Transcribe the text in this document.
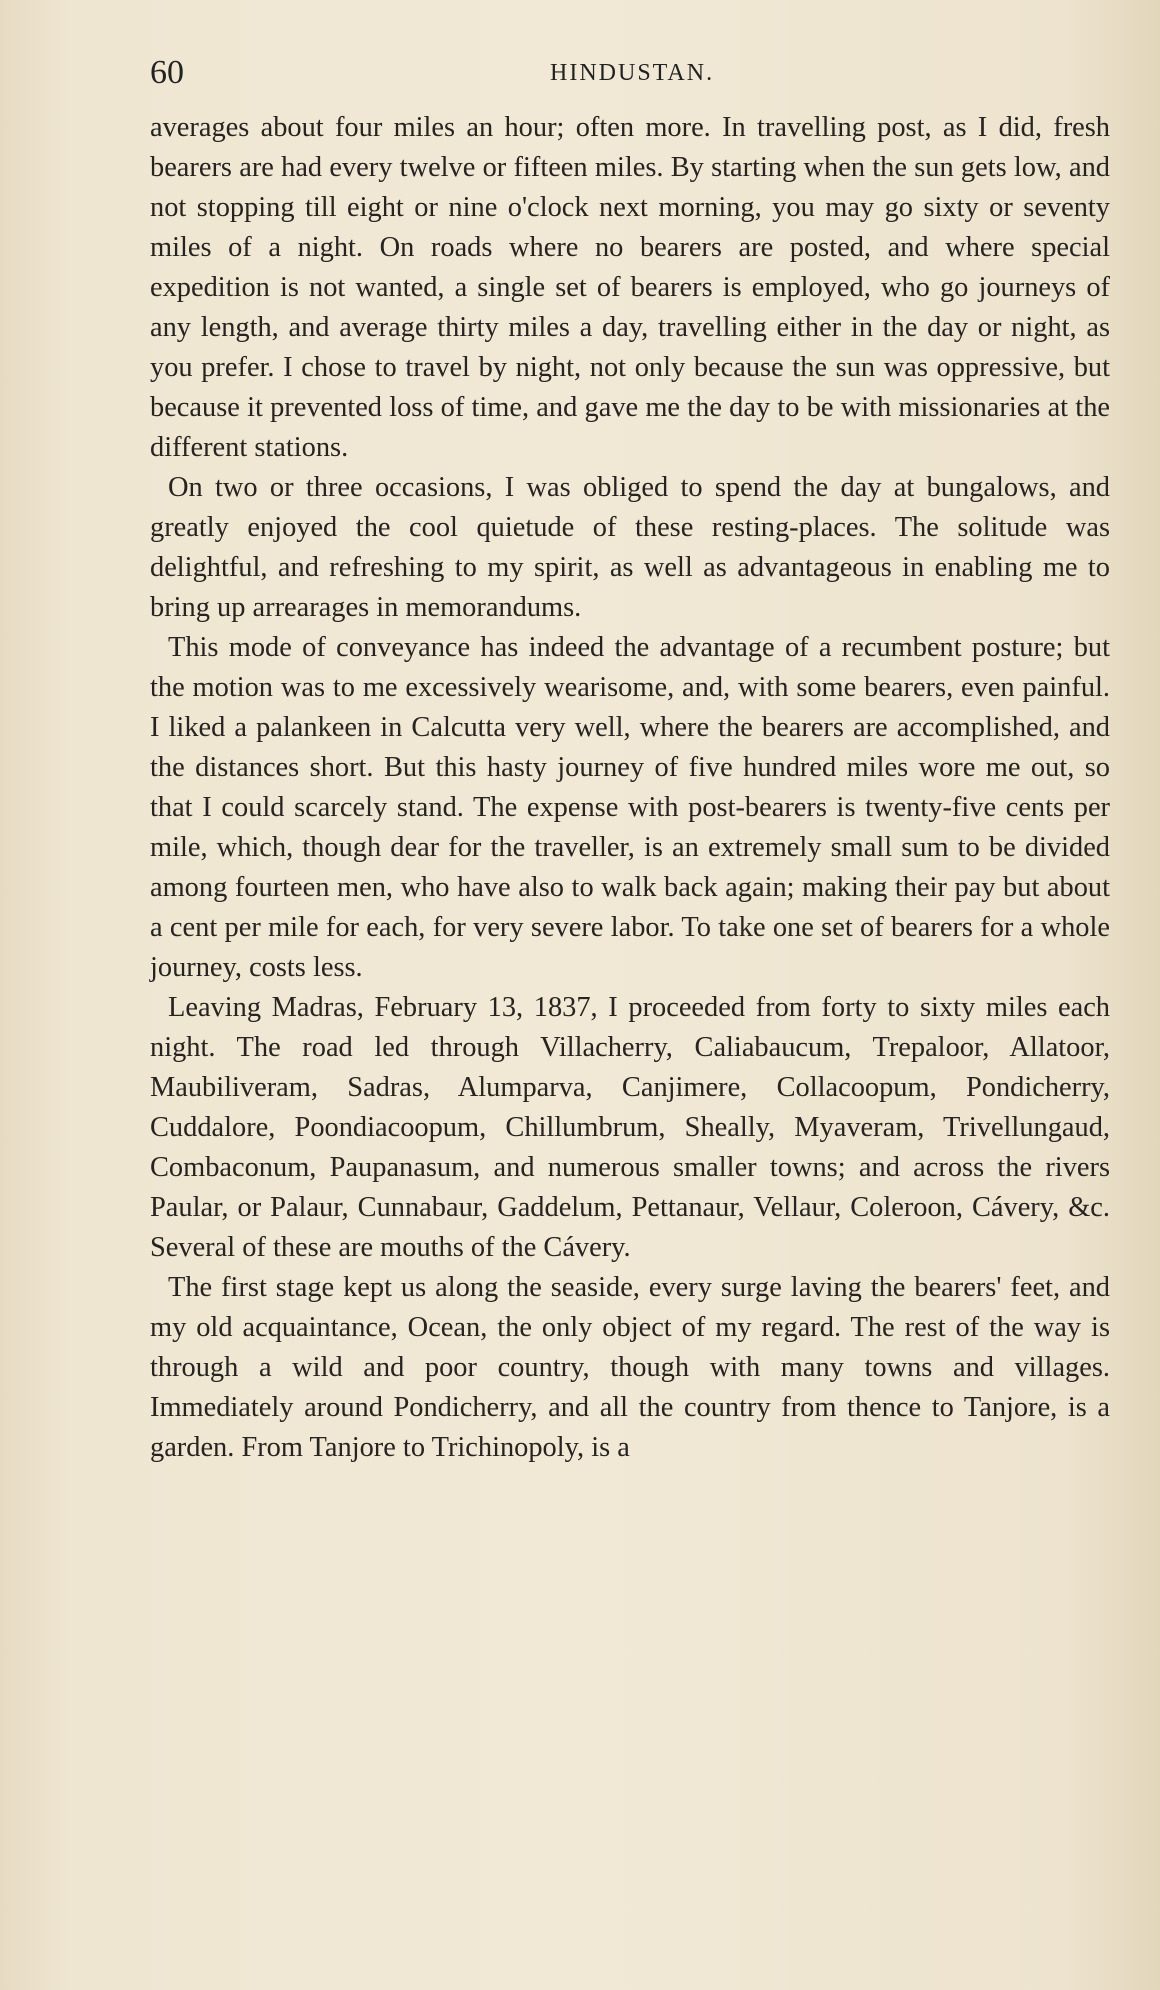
60	HINDUSTAN.

averages about four miles an hour; often more. In travelling post, as I did, fresh bearers are had every twelve or fifteen miles. By starting when the sun gets low, and not stopping till eight or nine o'clock next morning, you may go sixty or seventy miles of a night. On roads where no bearers are posted, and where special expedition is not wanted, a single set of bearers is employed, who go journeys of any length, and average thirty miles a day, travelling either in the day or night, as you prefer. I chose to travel by night, not only because the sun was oppressive, but because it prevented loss of time, and gave me the day to be with missionaries at the different stations.

On two or three occasions, I was obliged to spend the day at bungalows, and greatly enjoyed the cool quietude of these resting-places. The solitude was delightful, and refreshing to my spirit, as well as advantageous in enabling me to bring up arrearages in memorandums.

This mode of conveyance has indeed the advantage of a recumbent posture; but the motion was to me excessively wearisome, and, with some bearers, even painful. I liked a palankeen in Calcutta very well, where the bearers are accomplished, and the distances short. But this hasty journey of five hundred miles wore me out, so that I could scarcely stand. The expense with post-bearers is twenty-five cents per mile, which, though dear for the traveller, is an extremely small sum to be divided among fourteen men, who have also to walk back again; making their pay but about a cent per mile for each, for very severe labor. To take one set of bearers for a whole journey, costs less.

Leaving Madras, February 13, 1837, I proceeded from forty to sixty miles each night. The road led through Villacherry, Caliabaucum, Trepaloor, Allatoor, Maubiliveram, Sadras, Alumparva, Canjimere, Collacoopum, Pondicherry, Cuddalore, Poondiacoopum, Chillumbrum, Sheally, Myaveram, Trivellungaud, Combaconum, Paupanasum, and numerous smaller towns; and across the rivers Paular, or Palaur, Cunnabaur, Gaddelum, Pettanaur, Vellaur, Coleroon, Cávery, &c. Several of these are mouths of the Cávery.

The first stage kept us along the seaside, every surge laving the bearers' feet, and my old acquaintance, Ocean, the only object of my regard. The rest of the way is through a wild and poor country, though with many towns and villages. Immediately around Pondicherry, and all the country from thence to Tanjore, is a garden. From Tanjore to Trichinopoly, is a
